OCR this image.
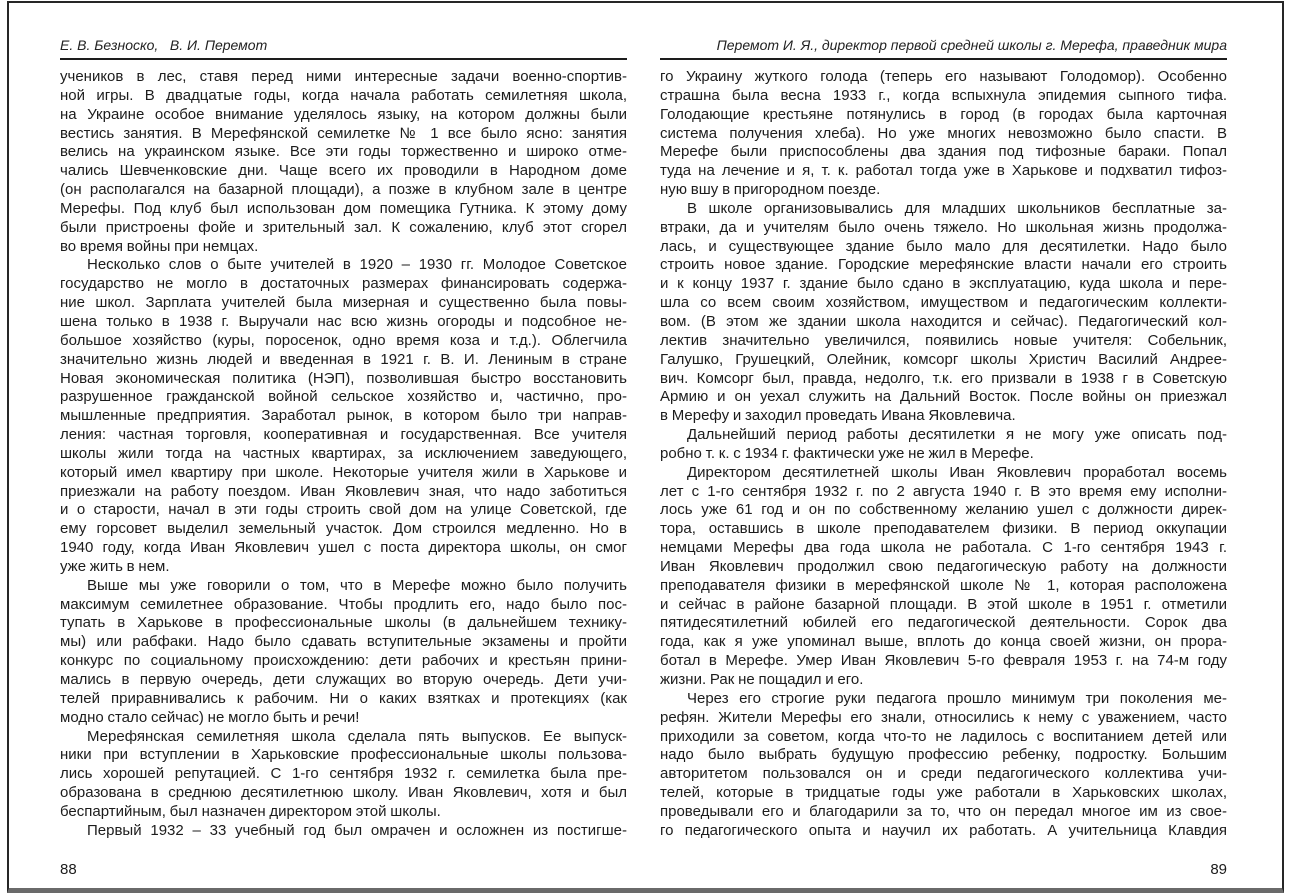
Е. В. Безноско,   В. И. Перемот
учеников в лес, ставя перед ними интересные задачи военно-спортив-
ной игры. В двадцатые годы, когда начала работать семилетняя школа,
на Украине особое внимание уделялось языку, на котором должны были
вестись занятия. В Мерефянской семилетке № 1 все было ясно: занятия
велись на украинском языке. Все эти годы торжественно и широко отме-
чались Шевченковские дни. Чаще всего их проводили в Народном доме
(он располагался на базарной площади), а позже в клубном зале в центре
Мерефы. Под клуб был использован дом помещика Гутника. К этому дому
были пристроены фойе и зрительный зал. К сожалению, клуб этот сгорел
во время войны при немцах.
Несколько слов о быте учителей в 1920 – 1930 гг. Молодое Советское
государство не могло в достаточных размерах финансировать содержа-
ние школ. Зарплата учителей была мизерная и существенно была повы-
шена только в 1938 г. Выручали нас всю жизнь огороды и подсобное не-
большое хозяйство (куры, поросенок, одно время коза и т.д.). Облегчила
значительно жизнь людей и введенная в 1921 г. В. И. Лениным в стране
Новая экономическая политика (НЭП), позволившая быстро восстановить
разрушенное гражданской войной сельское хозяйство и, частично, про-
мышленные предприятия. Заработал рынок, в котором было три направ-
ления: частная торговля, кооперативная и государственная. Все учителя
школы жили тогда на частных квартирах, за исключением заведующего,
который имел квартиру при школе. Некоторые учителя жили в Харькове и
приезжали на работу поездом. Иван Яковлевич зная, что надо заботиться
и о старости, начал в эти годы строить свой дом на улице Советской, где
ему горсовет выделил земельный участок. Дом строился медленно. Но в
1940 году, когда Иван Яковлевич ушел с поста директора школы, он смог
уже жить в нем.
Выше мы уже говорили о том, что в Мерефе можно было получить
максимум семилетнее образование. Чтобы продлить его, надо было пос-
тупать в Харькове в профессиональные школы (в дальнейшем технику-
мы) или рабфаки. Надо было сдавать вступительные экзамены и пройти
конкурс по социальному происхождению: дети рабочих и крестьян прини-
мались в первую очередь, дети служащих во вторую очередь. Дети учи-
телей приравнивались к рабочим. Ни о каких взятках и протекциях (как
модно стало сейчас) не могло быть и речи!
Мерефянская семилетняя школа сделала пять выпусков. Ее выпуск-
ники при вступлении в Харьковские профессиональные школы пользова-
лись хорошей репутацией. С 1-го сентября 1932 г. семилетка была пре-
образована в среднюю десятилетнюю школу. Иван Яковлевич, хотя и был
беспартийным, был назначен директором этой школы.
Первый 1932 – 33 учебный год был омрачен и осложнен из постигше-
Перемот И. Я., директор первой средней школы г. Мерефа, праведник мира
го Украину жуткого голода (теперь его называют Голодомор). Особенно
страшна была весна 1933 г., когда вспыхнула эпидемия сыпного тифа.
Голодающие крестьяне потянулись в город (в городах была карточная
система получения хлеба). Но уже многих невозможно было спасти. В
Мерефе были приспособлены два здания под тифозные бараки. Попал
туда на лечение и я, т. к. работал тогда уже в Харькове и подхватил тифоз-
ную вшу в пригородном поезде.
В школе организовывались для младших школьников бесплатные за-
втраки, да и учителям было очень тяжело. Но школьная жизнь продолжа-
лась, и существующее здание было мало для десятилетки. Надо было
строить новое здание. Городские мерефянские власти начали его строить
и к концу 1937 г. здание было сдано в эксплуатацию, куда школа и пере-
шла со всем своим хозяйством, имуществом и педагогическим коллекти-
вом. (В этом же здании школа находится и сейчас). Педагогический кол-
лектив значительно увеличился, появились новые учителя: Собельник,
Галушко, Грушецкий, Олейник, комсорг школы Христич Василий Андрее-
вич. Комсорг был, правда, недолго, т.к. его призвали в 1938 г в Советскую
Армию и он уехал служить на Дальний Восток. После войны он приезжал
в Мерефу и заходил проведать Ивана Яковлевича.
Дальнейший период работы десятилетки я не могу уже описать под-
робно т. к. с 1934 г. фактически уже не жил в Мерефе.
Директором десятилетней школы Иван Яковлевич проработал восемь
лет с 1-го сентября 1932 г. по 2 августа 1940 г. В это время ему исполни-
лось уже 61 год и он по собственному желанию ушел с должности дирек-
тора, оставшись в школе преподавателем физики. В период оккупации
немцами Мерефы два года школа не работала. С 1-го сентября 1943 г.
Иван Яковлевич продолжил свою педагогическую работу на должности
преподавателя физики в мерефянской школе № 1, которая расположена
и сейчас в районе базарной площади. В этой школе в 1951 г. отметили
пятидесятилетний юбилей его педагогической деятельности. Сорок два
года, как я уже упоминал выше, вплоть до конца своей жизни, он прора-
ботал в Мерефе. Умер Иван Яковлевич 5-го февраля 1953 г. на 74-м году
жизни. Рак не пощадил и его.
Через его строгие руки педагога прошло минимум три поколения ме-
рефян. Жители Мерефы его знали, относились к нему с уважением, часто
приходили за советом, когда что-то не ладилось с воспитанием детей или
надо было выбрать будущую профессию ребенку, подростку. Большим
авторитетом пользовался он и среди педагогического коллектива учи-
телей, которые в тридцатые годы уже работали в Харьковских школах,
проведывали его и благодарили за то, что он передал многое им из свое-
го педагогического опыта и научил их работать. А учительница Клавдия
88	89
